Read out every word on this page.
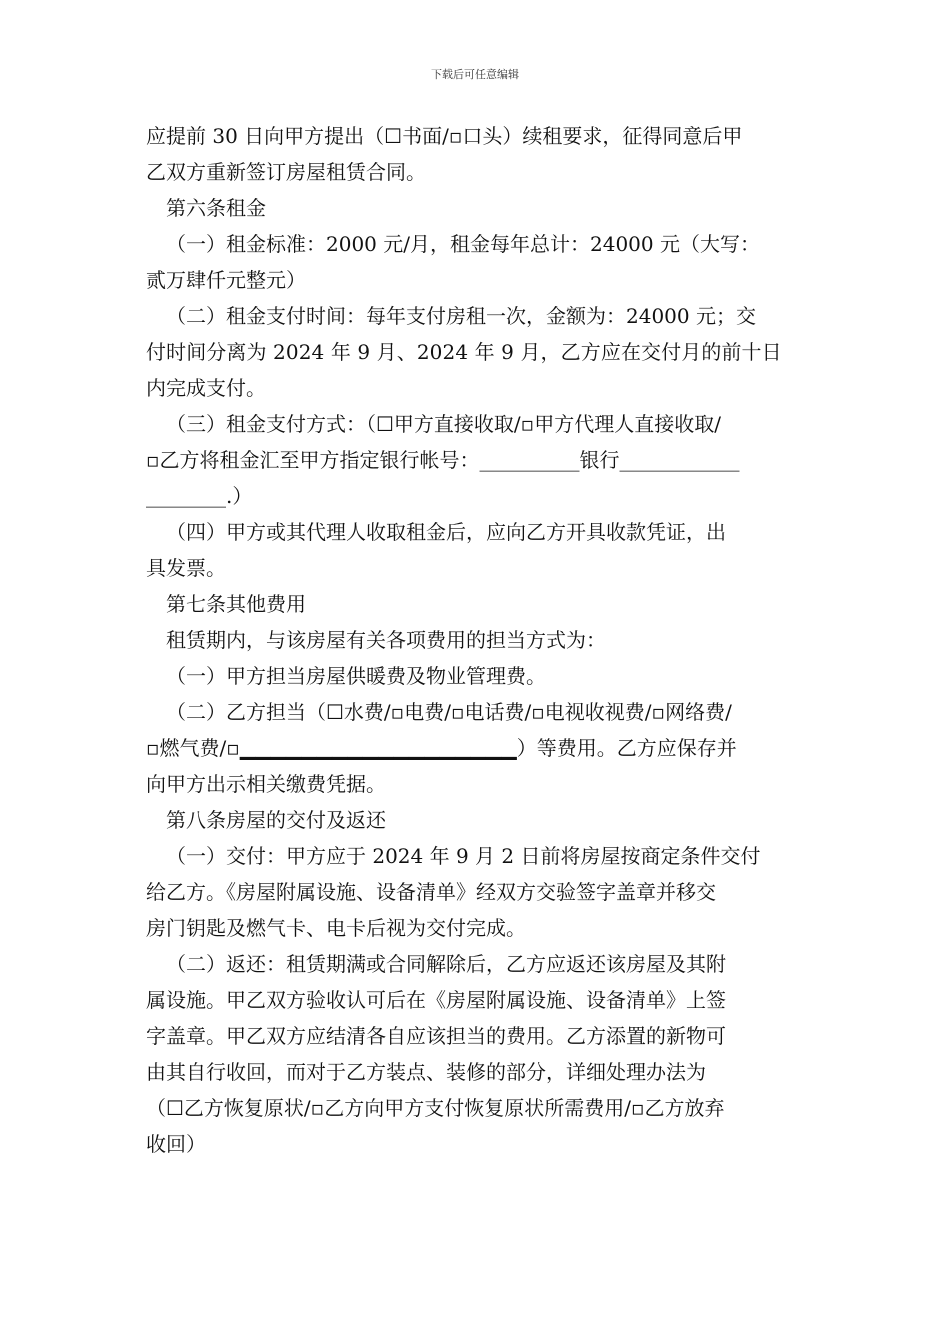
下载后可任意编辑
应提前 30 日向甲方提出（☐书面/▫口头）续租要求，征得同意后甲
乙双方重新签订房屋租赁合同。
第六条租金
（一）租金标准：2000 元/月，租金每年总计：24000 元（大写：
贰万肆仟元整元）
（二）租金支付时间：每年支付房租一次，金额为：24000 元；交
付时间分离为 2024 年 9 月、2024 年 9 月，乙方应在交付月的前十日
内完成支付。
（三）租金支付方式：（☐甲方直接收取/▫甲方代理人直接收取/
▫乙方将租金汇至甲方指定银行帐号：__________银行____________
________.）
（四）甲方或其代理人收取租金后，应向乙方开具收款凭证，出
具发票。
第七条其他费用
租赁期内，与该房屋有关各项费用的担当方式为：
（一）甲方担当房屋供暖费及物业管理费。
（二）乙方担当（☐水费/▫电费/▫电话费/▫电视收视费/▫网络费/
▫燃气费/▫▁▁▁▁▁▁▁▁▁▁▁▁▁▁▁▁▁▁）等费用。乙方应保存并
向甲方出示相关缴费凭据。
第八条房屋的交付及返还
（一）交付：甲方应于 2024 年 9 月 2 日前将房屋按商定条件交付
给乙方。《房屋附属设施、设备清单》经双方交验签字盖章并移交
房门钥匙及燃气卡、电卡后视为交付完成。
（二）返还：租赁期满或合同解除后，乙方应返还该房屋及其附
属设施。甲乙双方验收认可后在《房屋附属设施、设备清单》上签
字盖章。甲乙双方应结清各自应该担当的费用。乙方添置的新物可
由其自行收回，而对于乙方装点、装修的部分，详细处理办法为
（☐乙方恢复原状/▫乙方向甲方支付恢复原状所需费用/▫乙方放弃
收回）
